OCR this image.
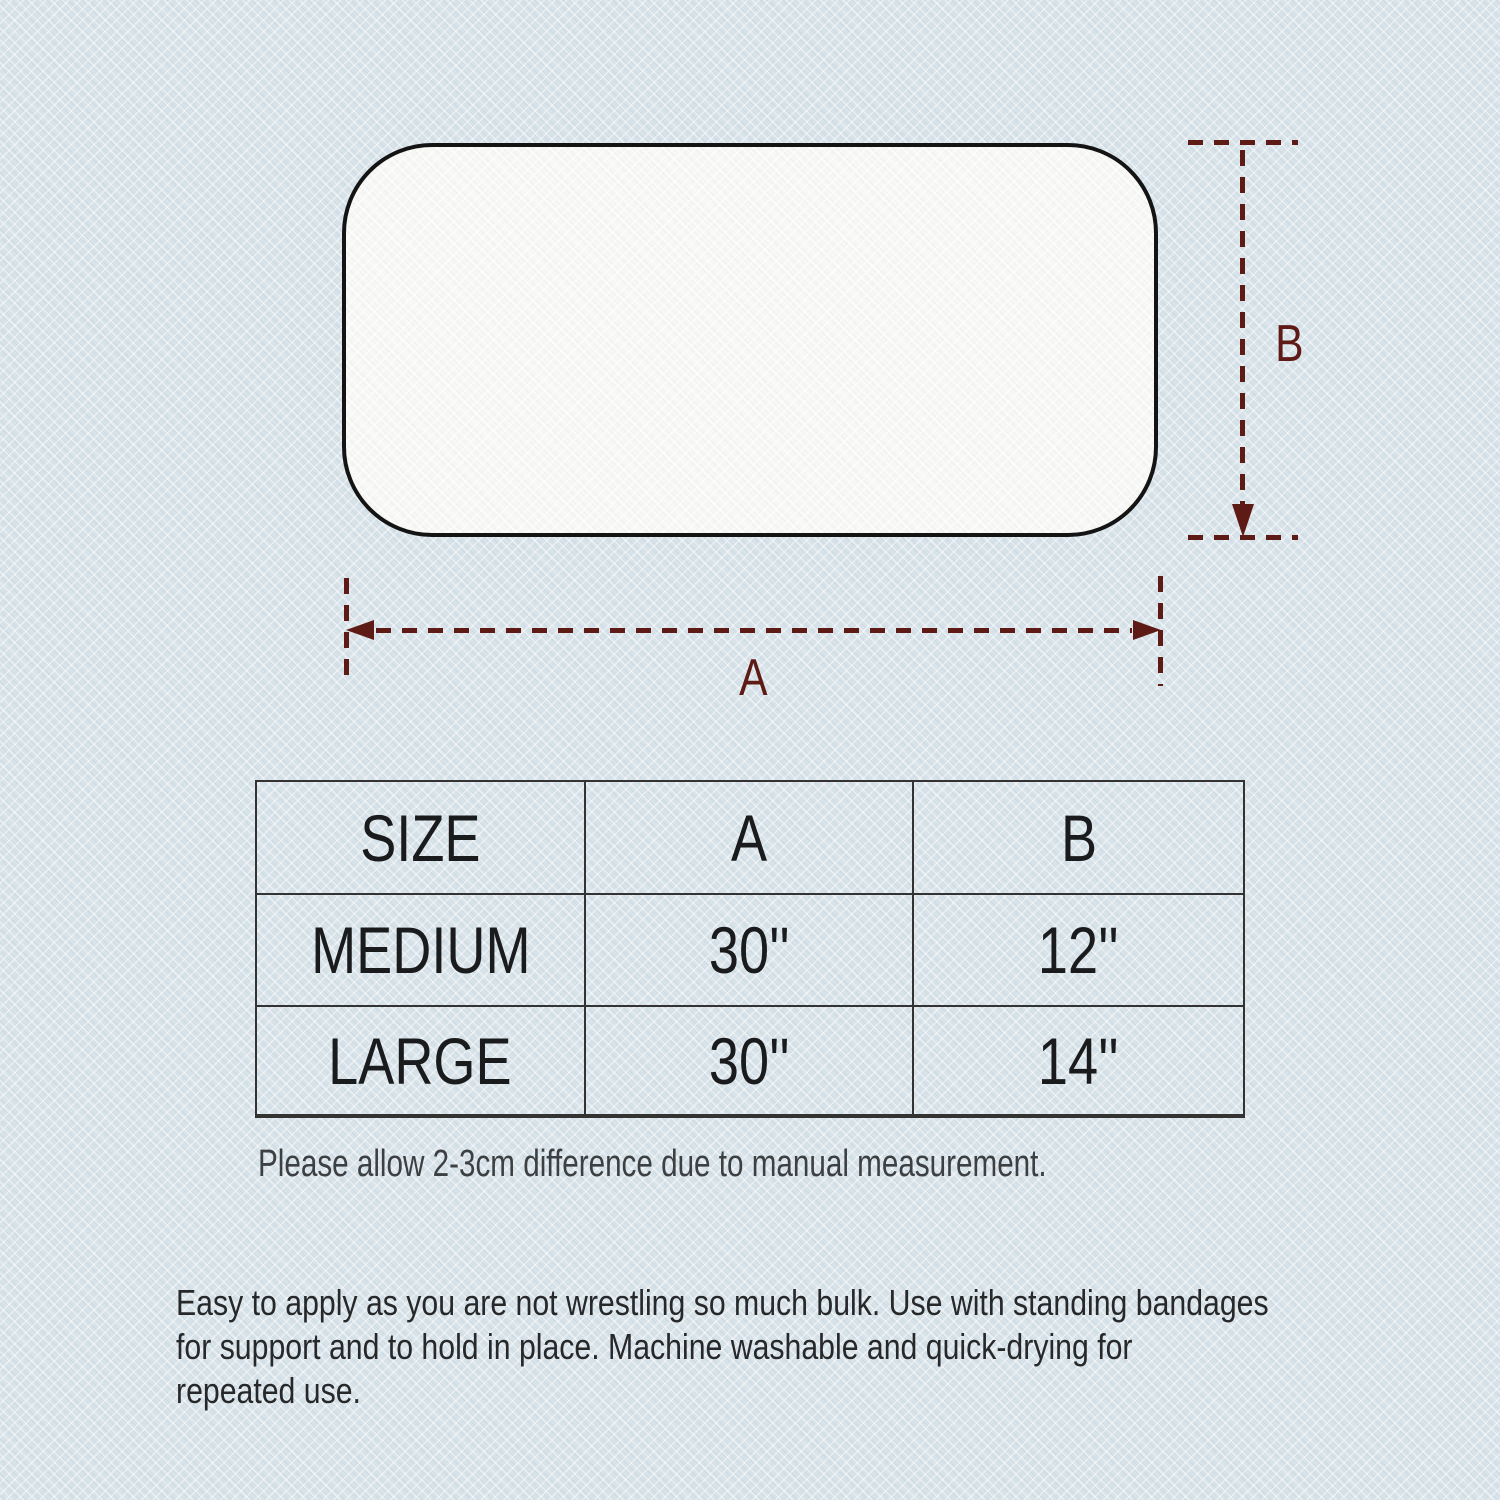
B
A
SIZE	A	B
MEDIUM	30''	12''
LARGE	30''	14''
Please allow 2-3cm difference due to manual measurement.
Easy to apply as you are not wrestling so much bulk. Use with standing bandages
for support and to hold in place. Machine washable and quick-drying for
repeated use.
